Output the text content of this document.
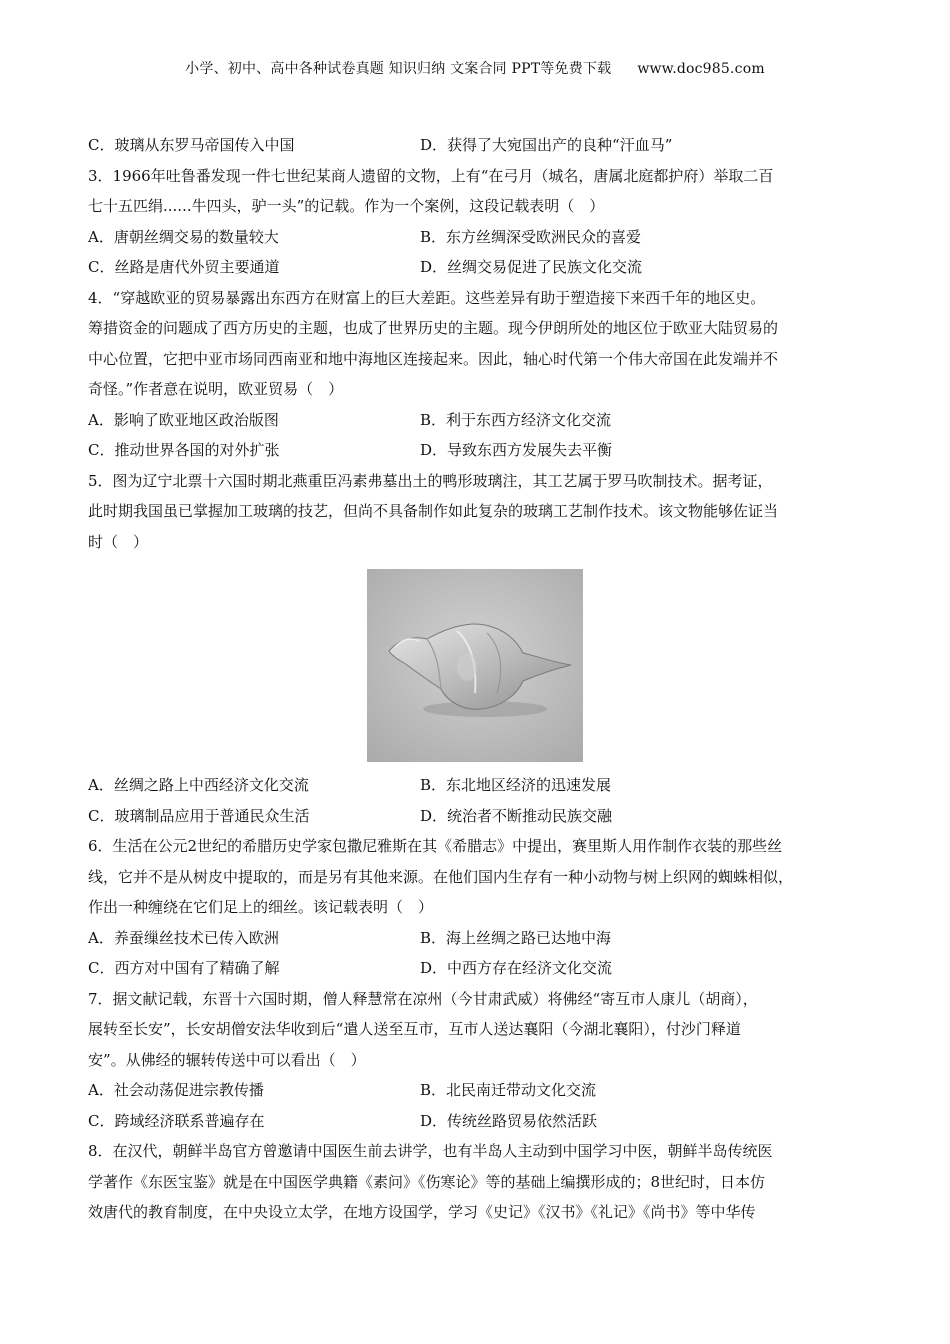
小学、初中、高中各种试卷真题 知识归纳 文案合同 PPT等免费下载 www.doc985.com
C．玻璃从东罗马帝国传入中国	D．获得了大宛国出产的良种“汗血马”
3．1966年吐鲁番发现一件七世纪某商人遗留的文物，上有“在弓月（城名，唐属北庭都护府）举取二百
七十五匹绢......牛四头，驴一头”的记载。作为一个案例，这段记载表明（　）
A．唐朝丝绸交易的数量较大	B．东方丝绸深受欧洲民众的喜爱
C．丝路是唐代外贸主要通道	D．丝绸交易促进了民族文化交流
4．“穿越欧亚的贸易暴露出东西方在财富上的巨大差距。这些差异有助于塑造接下来西千年的地区史。
筹措资金的问题成了西方历史的主题，也成了世界历史的主题。现今伊朗所处的地区位于欧亚大陆贸易的
中心位置，它把中亚市场同西南亚和地中海地区连接起来。因此，轴心时代第一个伟大帝国在此发端并不
奇怪。”作者意在说明，欧亚贸易（　）
A．影响了欧亚地区政治版图	B．利于东西方经济文化交流
C．推动世界各国的对外扩张	D．导致东西方发展失去平衡
5．图为辽宁北票十六国时期北燕重臣冯素弗墓出土的鸭形玻璃注，其工艺属于罗马吹制技术。据考证，
此时期我国虽已掌握加工玻璃的技艺，但尚不具备制作如此复杂的玻璃工艺制作技术。该文物能够佐证当
时（　）
A．丝绸之路上中西经济文化交流	B．东北地区经济的迅速发展
C．玻璃制品应用于普通民众生活	D．统治者不断推动民族交融
6．生活在公元2世纪的希腊历史学家包撒尼雅斯在其《希腊志》中提出，赛里斯人用作制作衣装的那些丝
线，它并不是从树皮中提取的，而是另有其他来源。在他们国内生存有一种小动物与树上织网的蜘蛛相似，
作出一种缠绕在它们足上的细丝。该记载表明（　）
A．养蚕缫丝技术已传入欧洲	B．海上丝绸之路已达地中海
C．西方对中国有了精确了解	D．中西方存在经济文化交流
7．据文献记载，东晋十六国时期，僧人释慧常在凉州（今甘肃武威）将佛经“寄互市人康儿（胡商），
展转至长安”，长安胡僧安法华收到后“遣人送至互市，互市人送达襄阳（今湖北襄阳），付沙门释道
安”。从佛经的辗转传送中可以看出（　）
A．社会动荡促进宗教传播	B．北民南迁带动文化交流
C．跨域经济联系普遍存在	D．传统丝路贸易依然活跃
8．在汉代，朝鲜半岛官方曾邀请中国医生前去讲学，也有半岛人主动到中国学习中医，朝鲜半岛传统医
学著作《东医宝鉴》就是在中国医学典籍《素问》《伤寒论》等的基础上编撰形成的；8世纪时，日本仿
效唐代的教育制度，在中央设立太学，在地方设国学，学习《史记》《汉书》《礼记》《尚书》等中华传
